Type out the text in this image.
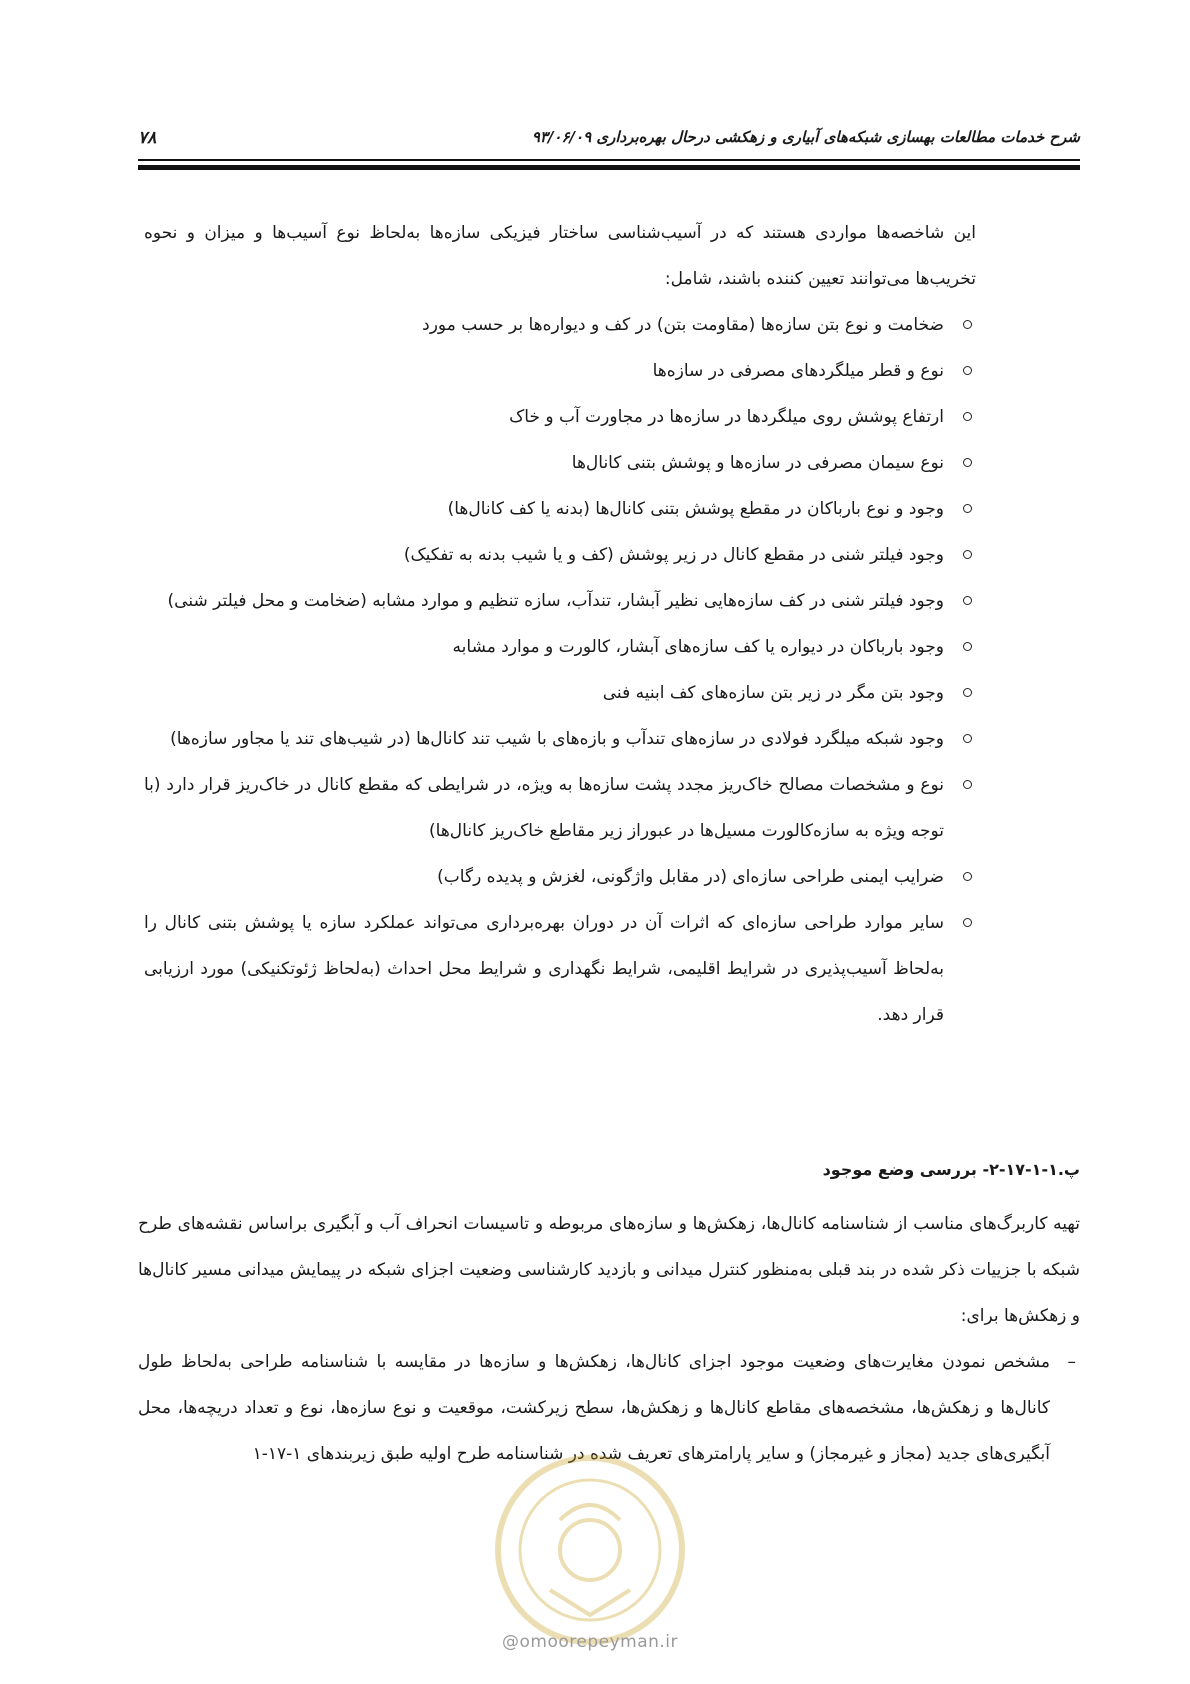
شرح خدمات مطالعات بهسازی شبکه‌های آبیاری و زهکشی درحال بهره‌برداری ۹۳/۰۶/۰۹
۷۸

این شاخصه‌ها مواردی هستند که در آسیب‌شناسی ساختار فیزیکی سازه‌ها به‌لحاظ نوع آسیب‌ها و میزان و نحوه تخریب‌ها می‌توانند تعیین کننده باشند، شامل:

ضخامت و نوع بتن سازه‌ها (مقاومت بتن) در کف و دیواره‌ها بر حسب مورد
نوع و قطر میلگردهای مصرفی در سازه‌ها
ارتفاع پوشش روی میلگردها در سازه‌ها در مجاورت آب و خاک
نوع سیمان مصرفی در سازه‌ها و پوشش بتنی کانال‌ها
وجود و نوع بارباکان در مقطع پوشش بتنی کانال‌ها (بدنه یا کف کانال‌ها)
وجود فیلتر شنی در مقطع کانال در زیر پوشش (کف و یا شیب بدنه به تفکیک)
وجود فیلتر شنی در کف سازه‌هایی نظیر آبشار، تندآب، سازه تنظیم و موارد مشابه (ضخامت و محل فیلتر شنی)
وجود بارباکان در دیواره یا کف سازه‌های آبشار، کالورت و موارد مشابه
وجود بتن مگر در زیر بتن سازه‌های کف ابنیه فنی
وجود شبکه میلگرد فولادی در سازه‌های تندآب و بازه‌های با شیب تند کانال‌ها (در شیب‌های تند یا مجاور سازه‌ها)
نوع و مشخصات مصالح خاک‌ریز مجدد پشت سازه‌ها به ویژه، در شرایطی که مقطع کانال در خاک‌ریز قرار دارد (با توجه ویژه به سازه‌کالورت مسیل‌ها در عبوراز زیر مقاطع خاک‌ریز کانال‌ها)
ضرایب ایمنی طراحی سازه‌ای (در مقابل واژگونی، لغزش و پدیده رگاب)
سایر موارد طراحی سازه‌ای که اثرات آن در دوران بهره‌برداری می‌تواند عملکرد سازه یا پوشش بتنی کانال را به‌لحاظ آسیب‌پذیری در شرایط اقلیمی، شرایط نگهداری و شرایط محل احداث (به‌لحاظ ژئوتکنیکی) مورد ارزیابی قرار دهد.
پ.۱-۱-۱۷-۲- بررسی وضع موجود

تهیه کاربرگ‌های مناسب از شناسنامه کانال‌ها، زهکش‌ها و سازه‌های مربوطه و تاسیسات انحراف آب و آبگیری براساس نقشه‌های طرح شبکه با جزییات ذکر شده در بند قبلی به‌منظور کنترل میدانی و بازدید کارشناسی وضعیت اجزای شبکه در پیمایش میدانی مسیر کانال‌ها و زهکش‌ها برای:

–
مشخص نمودن مغایرت‌های وضعیت موجود اجزای کانال‌ها، زهکش‌ها و سازه‌ها در مقایسه با شناسنامه طراحی به‌لحاظ طول کانال‌ها و زهکش‌ها، مشخصه‌های مقاطع کانال‌ها و زهکش‌ها، سطح زیرکشت، موقعیت و نوع سازه‌ها، نوع و تعداد دریچه‌ها، محل آبگیری‌های جدید (مجاز و غیرمجاز) و سایر پارامترهای تعریف شده در شناسنامه طرح اولیه طبق زیربندهای ۱-۱۷-۱
@omoorepeyman.ir
